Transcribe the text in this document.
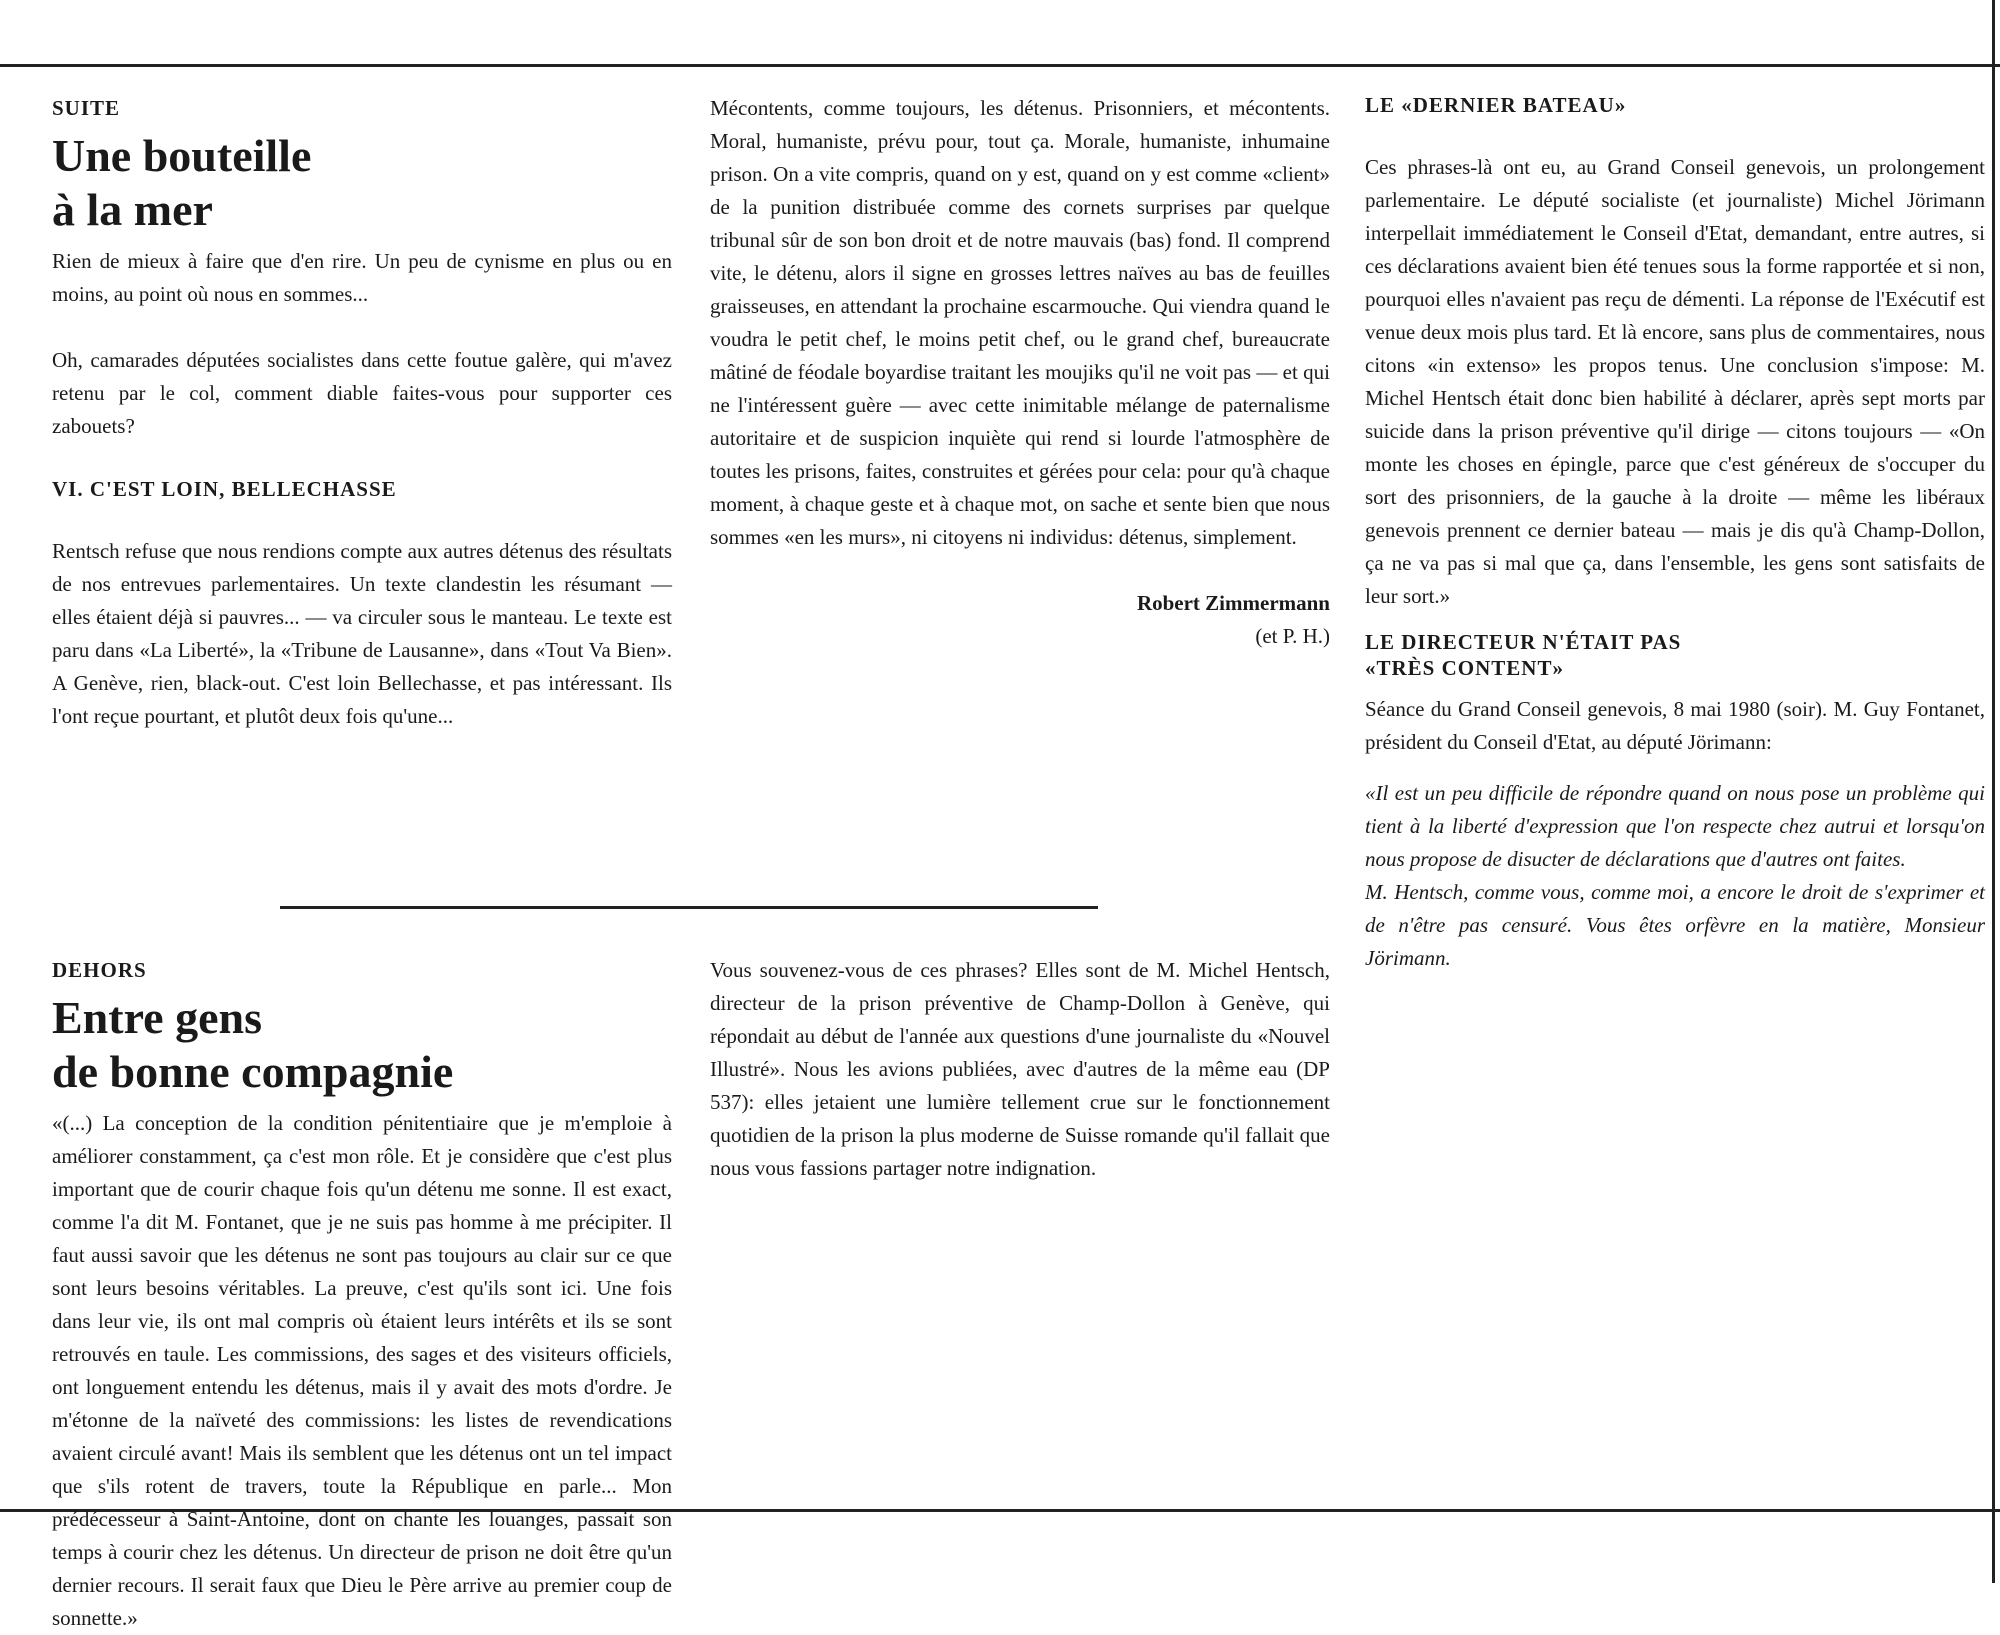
SUITE

Une bouteille
à la mer

Rien de mieux à faire que d'en rire. Un peu de cynisme en plus ou en moins, au point où nous en sommes...

Oh, camarades députées socialistes dans cette foutue galère, qui m'avez retenu par le col, comment diable faites-vous pour supporter ces zabouets?

VI. C'EST LOIN, BELLECHASSE

Rentsch refuse que nous rendions compte aux autres détenus des résultats de nos entrevues parlementaires. Un texte clandestin les résumant — elles étaient déjà si pauvres... — va circuler sous le manteau. Le texte est paru dans «La Liberté», la «Tribune de Lausanne», dans «Tout Va Bien». A Genève, rien, black-out. C'est loin Bellechasse, et pas intéressant. Ils l'ont reçue pourtant, et plutôt deux fois qu'une...

Mécontents, comme toujours, les détenus. Prisonniers, et mécontents. Moral, humaniste, prévu pour, tout ça. Morale, humaniste, inhumaine prison. On a vite compris, quand on y est, quand on y est comme «client» de la punition distribuée comme des cornets surprises par quelque tribunal sûr de son bon droit et de notre mauvais (bas) fond. Il comprend vite, le détenu, alors il signe en grosses lettres naïves au bas de feuilles graisseuses, en attendant la prochaine escarmouche. Qui viendra quand le voudra le petit chef, le moins petit chef, ou le grand chef, bureaucrate mâtiné de féodale boyardise traitant les moujiks qu'il ne voit pas — et qui ne l'intéressent guère — avec cette inimitable mélange de paternalisme autoritaire et de suspicion inquiète qui rend si lourde l'atmosphère de toutes les prisons, faites, construites et gérées pour cela: pour qu'à chaque moment, à chaque geste et à chaque mot, on sache et sente bien que nous sommes «en les murs», ni citoyens ni individus: détenus, simplement.

Robert Zimmermann

(et P. H.)

DEHORS

Entre gens
de bonne compagnie

«(...) La conception de la condition pénitentiaire que je m'emploie à améliorer constamment, ça c'est mon rôle. Et je considère que c'est plus important que de courir chaque fois qu'un détenu me sonne. Il est exact, comme l'a dit M. Fontanet, que je ne suis pas homme à me précipiter. Il faut aussi savoir que les détenus ne sont pas toujours au clair sur ce que sont leurs besoins véritables. La preuve, c'est qu'ils sont ici. Une fois dans leur vie, ils ont mal compris où étaient leurs intérêts et ils se sont retrouvés en taule. Les commissions, des sages et des visiteurs officiels, ont longuement entendu les détenus, mais il y avait des mots d'ordre. Je m'étonne de la naïveté des commissions: les listes de revendications avaient circulé avant! Mais ils semblent que les détenus ont un tel impact que s'ils rotent de travers, toute la République en parle... Mon prédécesseur à Saint-Antoine, dont on chante les louanges, passait son temps à courir chez les détenus. Un directeur de prison ne doit être qu'un dernier recours. Il serait faux que Dieu le Père arrive au premier coup de sonnette.»

Vous souvenez-vous de ces phrases? Elles sont de M. Michel Hentsch, directeur de la prison préventive de Champ-Dollon à Genève, qui répondait au début de l'année aux questions d'une journaliste du «Nouvel Illustré». Nous les avions publiées, avec d'autres de la même eau (DP 537): elles jetaient une lumière tellement crue sur le fonctionnement quotidien de la prison la plus moderne de Suisse romande qu'il fallait que nous vous fassions partager notre indignation.

LE «DERNIER BATEAU»

Ces phrases-là ont eu, au Grand Conseil genevois, un prolongement parlementaire. Le député socialiste (et journaliste) Michel Jörimann interpellait immédiatement le Conseil d'Etat, demandant, entre autres, si ces déclarations avaient bien été tenues sous la forme rapportée et si non, pourquoi elles n'avaient pas reçu de démenti. La réponse de l'Exécutif est venue deux mois plus tard. Et là encore, sans plus de commentaires, nous citons «in extenso» les propos tenus. Une conclusion s'impose: M. Michel Hentsch était donc bien habilité à déclarer, après sept morts par suicide dans la prison préventive qu'il dirige — citons toujours — «On monte les choses en épingle, parce que c'est généreux de s'occuper du sort des prisonniers, de la gauche à la droite — même les libéraux genevois prennent ce dernier bateau — mais je dis qu'à Champ-Dollon, ça ne va pas si mal que ça, dans l'ensemble, les gens sont satisfaits de leur sort.»

LE DIRECTEUR N'ÉTAIT PAS

«TRÈS CONTENT»

Séance du Grand Conseil genevois, 8 mai 1980 (soir). M. Guy Fontanet, président du Conseil d'Etat, au député Jörimann:

«Il est un peu difficile de répondre quand on nous pose un problème qui tient à la liberté d'expression que l'on respecte chez autrui et lorsqu'on nous propose de disucter de déclarations que d'autres ont faites.

M. Hentsch, comme vous, comme moi, a encore le droit de s'exprimer et de n'être pas censuré. Vous êtes orfèvre en la matière, Monsieur Jörimann.
